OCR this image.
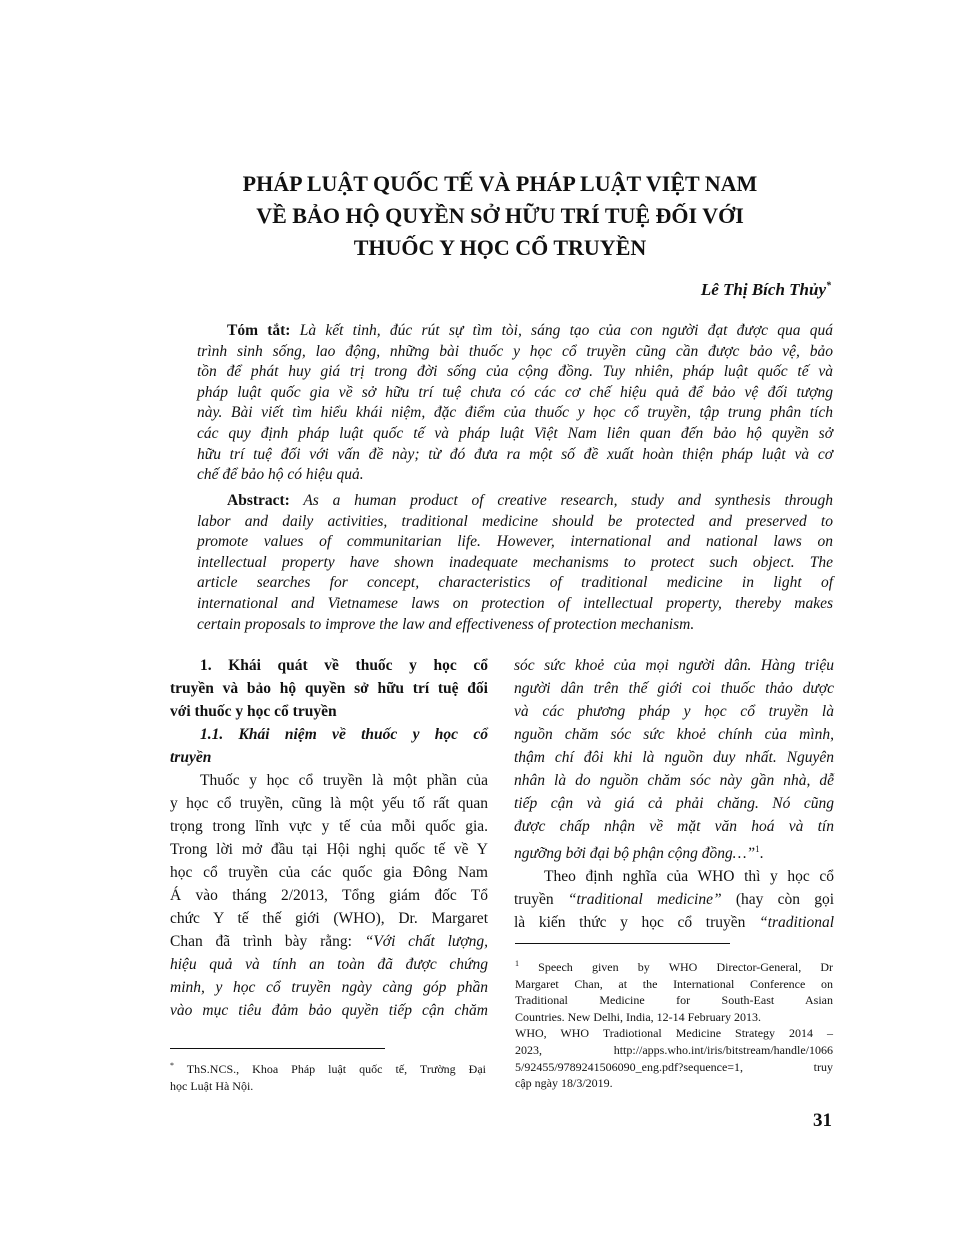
PHÁP LUẬT QUỐC TẾ VÀ PHÁP LUẬT VIỆT NAM
VỀ BẢO HỘ QUYỀN SỞ HỮU TRÍ TUỆ ĐỐI VỚI
THUỐC Y HỌC CỔ TRUYỀN
Lê Thị Bích Thủy*
Tóm tắt: Là kết tinh, đúc rút sự tìm tòi, sáng tạo của con người đạt được qua quá
trình sinh sống, lao động, những bài thuốc y học cổ truyền cũng cần được bảo vệ, bảo
tồn để phát huy giá trị trong đời sống của cộng đồng. Tuy nhiên, pháp luật quốc tế và
pháp luật quốc gia về sở hữu trí tuệ chưa có các cơ chế hiệu quả để bảo vệ đối tượng
này. Bài viết tìm hiểu khái niệm, đặc điểm của thuốc y học cổ truyền, tập trung phân tích
các quy định pháp luật quốc tế và pháp luật Việt Nam liên quan đến bảo hộ quyền sở
hữu trí tuệ đối với vấn đề này; từ đó đưa ra một số đề xuất hoàn thiện pháp luật và cơ
chế để bảo hộ có hiệu quả.
Abstract: As a human product of creative research, study and synthesis through
labor and daily activities, traditional medicine should be protected and preserved to
promote values of communitarian life. However, international and national laws on
intellectual property have shown inadequate mechanisms to protect such object. The
article searches for concept, characteristics of traditional medicine in light of
international and Vietnamese laws on protection of intellectual property, thereby makes
certain proposals to improve the law and effectiveness of protection mechanism.
1. Khái quát về thuốc y học cổ
truyền và bảo hộ quyền sở hữu trí tuệ đối
với thuốc y học cổ truyền
1.1. Khái niệm về thuốc y học cổ
truyền
Thuốc y học cổ truyền là một phần của
y học cổ truyền, cũng là một yếu tố rất quan
trọng trong lĩnh vực y tế của mỗi quốc gia.
Trong lời mở đầu tại Hội nghị quốc tế về Y
học cổ truyền của các quốc gia Đông Nam
Á vào tháng 2/2013, Tổng giám đốc Tổ
chức Y tế thế giới (WHO), Dr. Margaret
Chan đã trình bày rằng: “Với chất lượng,
hiệu quả và tính an toàn đã được chứng
minh, y học cổ truyền ngày càng góp phần
vào mục tiêu đảm bảo quyền tiếp cận chăm
sóc sức khoẻ của mọi người dân. Hàng triệu
người dân trên thế giới coi thuốc thảo dược
và các phương pháp y học cổ truyền là
nguồn chăm sóc sức khoẻ chính của mình,
thậm chí đôi khi là nguồn duy nhất. Nguyên
nhân là do nguồn chăm sóc này gần nhà, dễ
tiếp cận và giá cả phải chăng. Nó cũng
được chấp nhận về mặt văn hoá và tín
ngưỡng bởi đại bộ phận cộng đồng…”$^1$.
Theo định nghĩa của WHO thì y học cổ
truyền “traditional medicine” (hay còn gọi
là kiến thức y học cổ truyền “traditional
$^1$ Speech given by WHO Director-General, Dr
Margaret Chan, at the International Conference on
Traditional Medicine for South-East Asian
Countries. New Delhi, India, 12-14 February 2013.
WHO, WHO Tradiotional Medicine Strategy 2014 –
2023, http://apps.who.int/iris/bitstream/handle/1066
5/92455/9789241506090_eng.pdf?sequence=1, truy
cập ngày 18/3/2019.
* ThS.NCS., Khoa Pháp luật quốc tế, Trường Đại
học Luật Hà Nội.
31
